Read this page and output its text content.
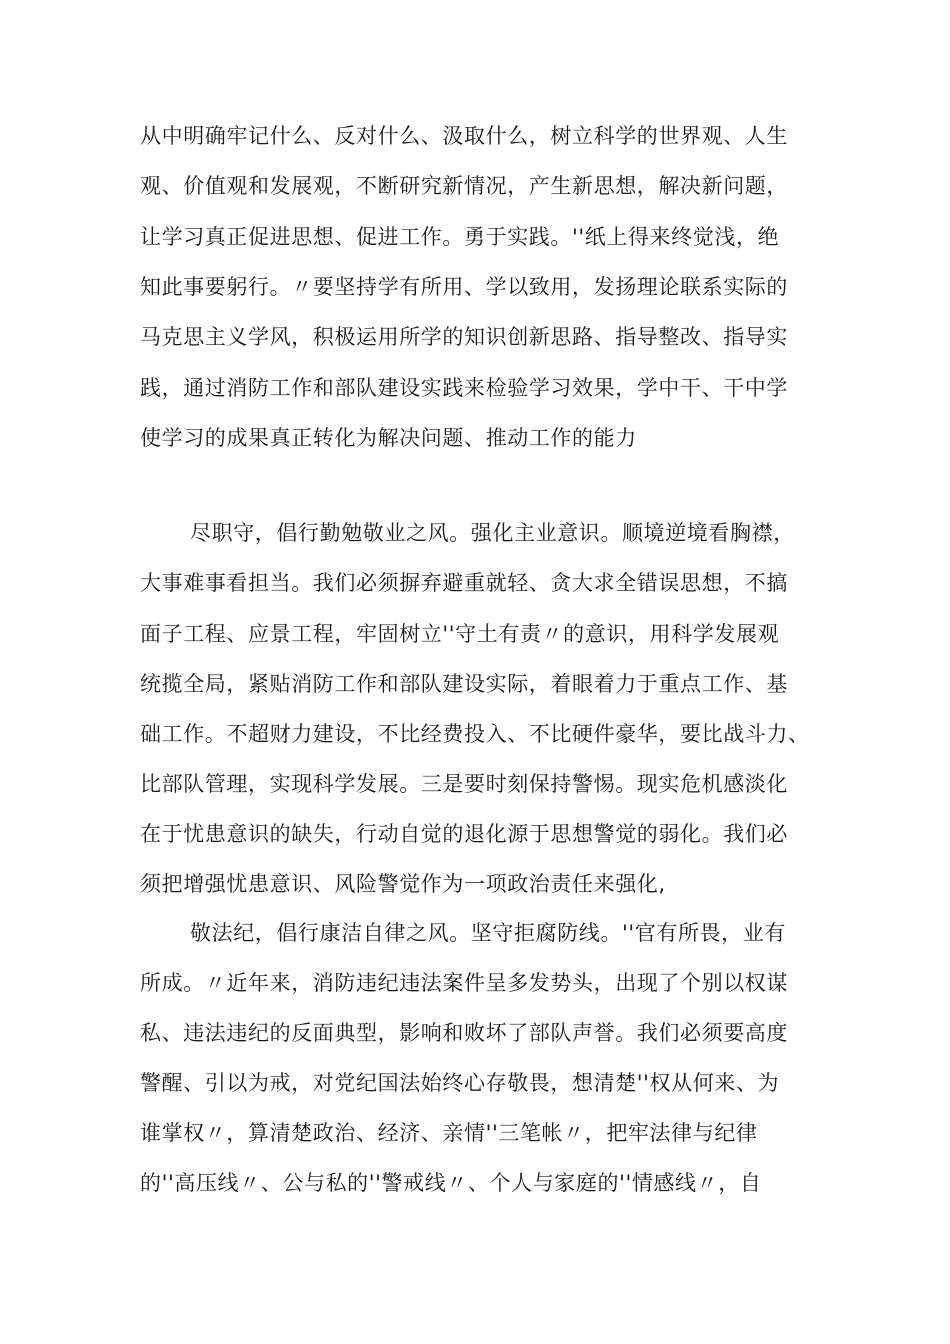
从中明确牢记什么、反对什么、汲取什么，树立科学的世界观、人生
观、价值观和发展观，不断研究新情况，产生新思想，解决新问题，
让学习真正促进思想、促进工作。勇于实践。''纸上得来终觉浅，绝
知此事要躬行。〃要坚持学有所用、学以致用，发扬理论联系实际的
马克思主义学风，积极运用所学的知识创新思路、指导整改、指导实
践，通过消防工作和部队建设实践来检验学习效果，学中干、干中学
使学习的成果真正转化为解决问题、推动工作的能力
尽职守，倡行勤勉敬业之风。强化主业意识。顺境逆境看胸襟，
大事难事看担当。我们必须摒弃避重就轻、贪大求全错误思想，不搞
面子工程、应景工程，牢固树立''守土有责〃的意识，用科学发展观
统揽全局，紧贴消防工作和部队建设实际，着眼着力于重点工作、基
础工作。不超财力建设，不比经费投入、不比硬件豪华，要比战斗力、
比部队管理，实现科学发展。三是要时刻保持警惕。现实危机感淡化
在于忧患意识的缺失，行动自觉的退化源于思想警觉的弱化。我们必
须把增强忧患意识、风险警觉作为一项政治责任来强化,
敬法纪，倡行康洁自律之风。坚守拒腐防线。''官有所畏，业有
所成。〃近年来，消防违纪违法案件呈多发势头，出现了个别以权谋
私、违法违纪的反面典型，影响和败坏了部队声誉。我们必须要高度
警醒、引以为戒，对党纪国法始终心存敬畏，想清楚''权从何来、为
谁掌权〃，算清楚政治、经济、亲情''三笔帐〃，把牢法律与纪律
的''高压线〃、公与私的''警戒线〃、个人与家庭的''情感线〃，自
